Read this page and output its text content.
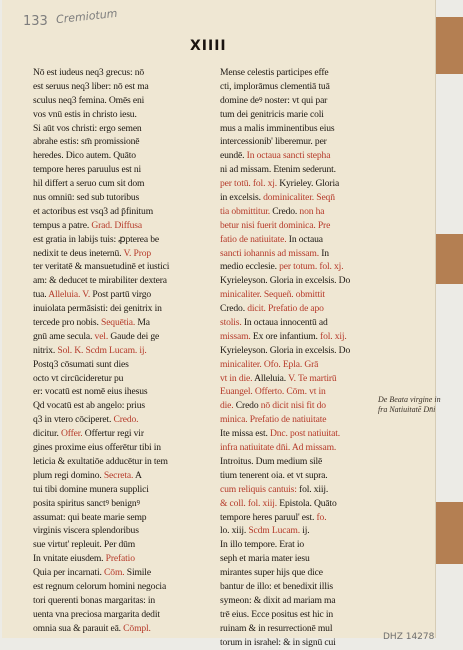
133 Cremiotum
XIIII
Nō est iudeus neq3 grecus: nō
est seruus neq3 liber: nō est ma
sculus neq3 femina. Omēs eni
vos vnū estis in christo iesu.
Si aūt vos christi: ergo semen
abrahe estis: sm̄ promissionē
heredes. Dico autem. Quāto
tempore heres paruulus est ni
hil differt a seruo cum sit dom
nus omniū: sed sub tutoribus
et actoribus est vsq3 ad p̄finitum
tempus a patre. Grad. Diffusa
est gratia in labijs tuis: ꝓpterea be
nedixit te deus ineternū. V. Prop
ter veritatē & mansuetudinē et iustici
am: & deducet te mirabiliter dextera
tua. Alleluia. V. Post partū virgo
inuiolata permāsisti: dei genitrix in
tercede pro nobis. Sequētia. Ma
gnū ame secula. vel. Gaude dei ge
nitrix. Sol. K. Scdm Lucam. ij.
Postq3 cōsumati sunt dies
octo vt circūcideretur pu
er: vocatū est nomē eius ihesus
Qd vocatū est ab angelo: prius
q3 in vtero cōciperet. Credo.
dicitur. Offer. Offertur regi vir
gines proxime eius offerētur tibi in
leticia & exultatiōe adducētur in tem
plum regi domino. Secreta. A
tui tibi domine munera supplici
posita spiritus sanctꝰ benignꝰ
assumat: qui beate marie semp
virginis viscera splendoribus
sue virtut' repleuit. Per dūm
In vnitate eiusdem. Prefatio
Quia per incarnati. Cōm. Simile
est regnum celorum homini negocia
tori querenti bonas margaritas: in
uenta vna preciosa margarita dedit
omnia sua & parauit eā. Cōmpl.
Mense celestis participes effe
cti, implorāmus clementiā tuā
domine deꝰ noster: vt qui par
tum dei genitricis marie coli
mus a malis imminentibus eius
intercessionib' liberemur. per
eundē. In octaua sancti stepha
ni ad missam. Etenim sederunt.
per totū. fol. xj. Kyrieley. Gloria
in excelsis. dominicaliter. Seqn̄
tia obmittitur. Credo. non ha
betur nisi fuerit dominica. Pre
fatio de natiuitate. In octaua
sancti iohannis ad missam. In
medio ecclesie. per totum. fol. xj.
Kyrieleyson. Gloria in excelsis. Do
minicaliter. Sequeñ. obmittit
Credo. dicit. Prefatio de apo
stolis. In octaua innocentū ad
missam. Ex ore infantium. fol. xij.
Kyrieleyson. Gloria in excelsis. Do
minicaliter. Ofo. Epla. Grā
vt in die. Alleluia. V. Te martirū
Euangel. Offerto. Cōm. vt in
die. Credo nō dicit nisi fit do
minica. Prefatio de natiuitate
Ite missa est. Dnc. post natiuitat.
infra natiuitate dn̄i. Ad missam.
Introitus. Dum medium silē
tium tenerent oia. et vt supra.
cum reliquis cantuis: fol. xiij.
& coll. fol. xiij. Epistola. Quāto
tempore heres paruul' est. fo.
lo. xiij. Scdm Lucam. ij.
In illo tempore. Erat io
seph et maria mater iesu
mirantes super hijs que dice
bantur de illo: et benedixit illis
symeon: & dixit ad mariam ma
trē eius. Ecce positus est hic in
ruinam & in resurrectionē mul
torum in israhel: & in signū cui
De Beata virgine in
fra Natiuitatē Dn̄i
DHZ 14278
